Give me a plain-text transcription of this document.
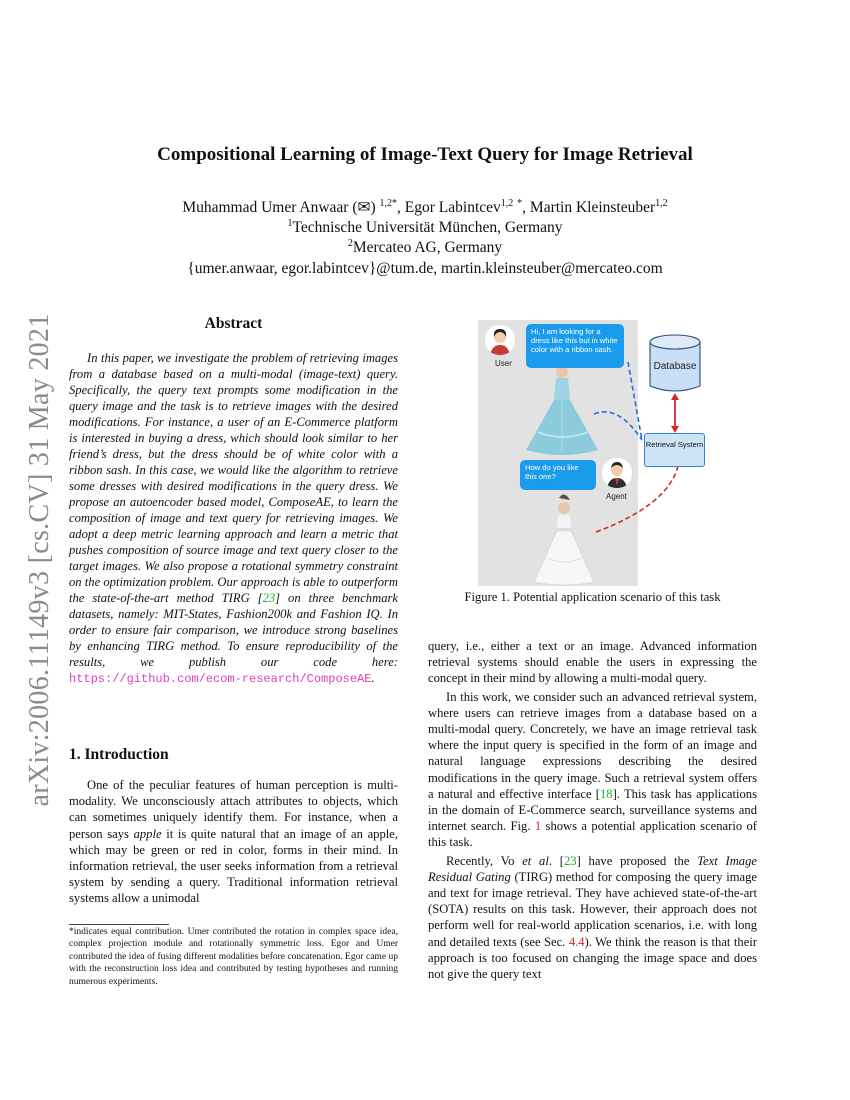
arXiv:2006.11149v3 [cs.CV] 31 May 2021
Compositional Learning of Image-Text Query for Image Retrieval
Muhammad Umer Anwaar (✉) $^{1,2*}$, Egor Labintcev$^{1,2}$ *, Martin Kleinsteuber$^{1,2}$
$^1$Technische Universität München, Germany
$^2$Mercateo AG, Germany
{umer.anwaar, egor.labintcev}@tum.de, martin.kleinsteuber@mercateo.com
Abstract
In this paper, we investigate the problem of retrieving images from a database based on a multi-modal (image-text) query. Specifically, the query text prompts some modification in the query image and the task is to retrieve images with the desired modifications. For instance, a user of an E-Commerce platform is interested in buying a dress, which should look similar to her friend’s dress, but the dress should be of white color with a ribbon sash. In this case, we would like the algorithm to retrieve some dresses with desired modifications in the query dress. We propose an autoencoder based model, ComposeAE, to learn the composition of image and text query for retrieving images. We adopt a deep metric learning approach and learn a metric that pushes composition of source image and text query closer to the target images. We also propose a rotational symmetry constraint on the optimization problem. Our approach is able to outperform the state-of-the-art method TIRG [23] on three benchmark datasets, namely: MIT-States, Fashion200k and Fashion IQ. In order to ensure fair comparison, we introduce strong baselines by enhancing TIRG method. To ensure reproducibility of the results, we publish our code here: https://github.com/ecom-research/ComposeAE.
1. Introduction

One of the peculiar features of human perception is multi-modality. We unconsciously attach attributes to objects, which can sometimes uniquely identify them. For instance, when a person says apple it is quite natural that an image of an apple, which may be green or red in color, forms in their mind. In information retrieval, the user seeks information from a retrieval system by sending a query. Traditional information retrieval systems allow a unimodal

*indicates equal contribution. Umer contributed the rotation in complex space idea, complex projection module and rotationally symmetric loss. Egor and Umer contributed the idea of fusing different modalities before concatenation. Egor came up with the reconstruction loss idea and contributed by testing hypotheses and running numerous experiments.
User
Hi, I am looking for a dress like this but in white color with a ribbon sash.
Database
Retrieval System
How do you like this one?
Agent
Figure 1. Potential application scenario of this task

query, i.e., either a text or an image. Advanced information retrieval systems should enable the users in expressing the concept in their mind by allowing a multi-modal query.

In this work, we consider such an advanced retrieval system, where users can retrieve images from a database based on a multi-modal query. Concretely, we have an image retrieval task where the input query is specified in the form of an image and natural language expressions describing the desired modifications in the query image. Such a retrieval system offers a natural and effective interface [18]. This task has applications in the domain of E-Commerce search, surveillance systems and internet search. Fig. 1 shows a potential application scenario of this task.

Recently, Vo et al. [23] have proposed the Text Image Residual Gating (TIRG) method for composing the query image and text for image retrieval. They have achieved state-of-the-art (SOTA) results on this task. However, their approach does not perform well for real-world application scenarios, i.e. with long and detailed texts (see Sec. 4.4). We think the reason is that their approach is too focused on changing the image space and does not give the query text
